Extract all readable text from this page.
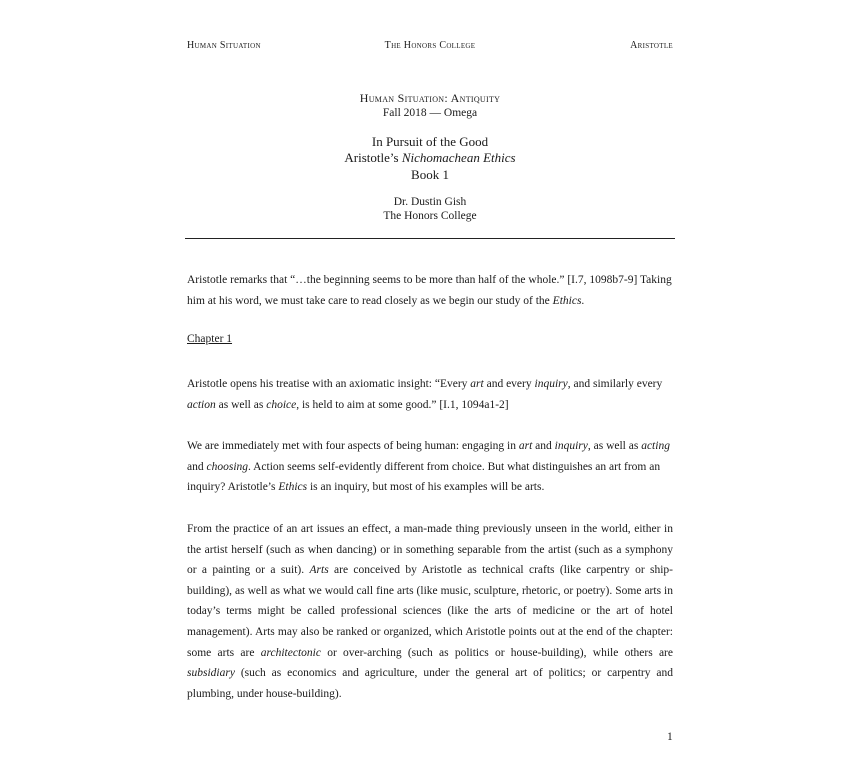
Human Situation	The Honors College	Aristotle
Human Situation: Antiquity
Fall 2018 — Omega
In Pursuit of the Good
Aristotle’s Nichomachean Ethics
Book 1
Dr. Dustin Gish
The Honors College
Aristotle remarks that “…the beginning seems to be more than half of the whole.” [I.7, 1098b7-9] Taking him at his word, we must take care to read closely as we begin our study of the Ethics.
Chapter 1
Aristotle opens his treatise with an axiomatic insight: “Every art and every inquiry, and similarly every action as well as choice, is held to aim at some good.” [I.1, 1094a1-2]
We are immediately met with four aspects of being human: engaging in art and inquiry, as well as acting and choosing. Action seems self-evidently different from choice. But what distinguishes an art from an inquiry? Aristotle’s Ethics is an inquiry, but most of his examples will be arts.
From the practice of an art issues an effect, a man-made thing previously unseen in the world, either in the artist herself (such as when dancing) or in something separable from the artist (such as a symphony or a painting or a suit). Arts are conceived by Aristotle as technical crafts (like carpentry or ship-building), as well as what we would call fine arts (like music, sculpture, rhetoric, or poetry). Some arts in today’s terms might be called professional sciences (like the arts of medicine or the art of hotel management). Arts may also be ranked or organized, which Aristotle points out at the end of the chapter: some arts are architectonic or over-arching (such as politics or house-building), while others are subsidiary (such as economics and agriculture, under the general art of politics; or carpentry and plumbing, under house-building).
1
